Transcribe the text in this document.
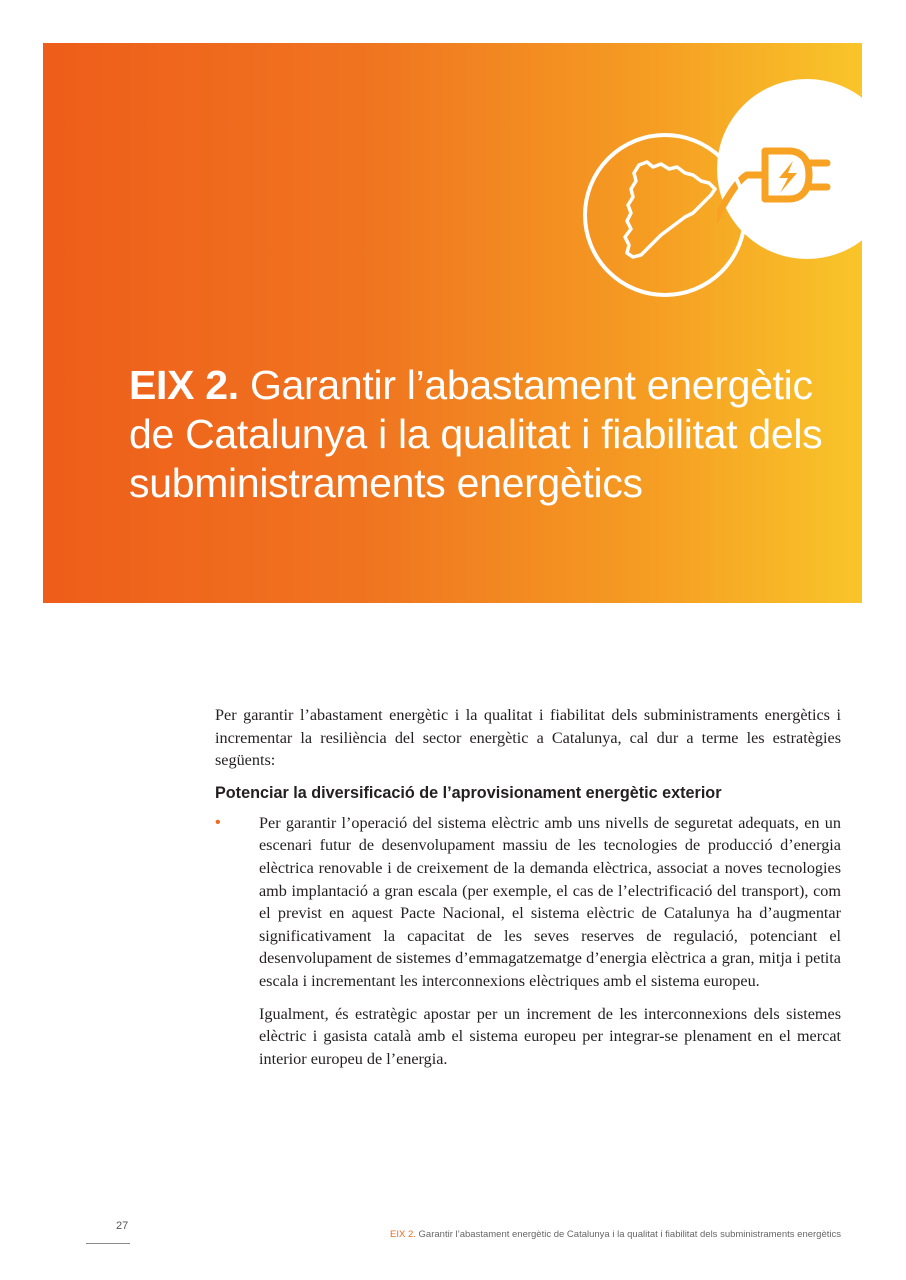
EIX 2. Garantir l’abastament energètic de Catalunya i la qualitat i fiabilitat dels subministraments energètics

Per garantir l’abastament energètic i la qualitat i fiabilitat dels subministraments energètics i incrementar la resiliència del sector energètic a Catalunya, cal dur a terme les estratègies següents:

Potenciar la diversificació de l’aprovisionament energètic exterior
• Per garantir l’operació del sistema elèctric amb uns nivells de seguretat adequats, en un escenari futur de desenvolupament massiu de les tecnologies de producció d’energia elèctrica renovable i de creixement de la demanda elèctrica, associat a noves tecnologies amb implantació a gran escala (per exemple, el cas de l’electrificació del transport), com el previst en aquest Pacte Nacional, el sistema elèctric de Catalunya ha d’augmentar significativament la capacitat de les seves reserves de regulació, potenciant el desenvolupament de sistemes d’emmagatzematge d’energia elèctrica a gran, mitja i petita escala i incrementant les interconnexions elèctriques amb el sistema europeu.

Igualment, és estratègic apostar per un increment de les interconnexions dels sistemes elèctric i gasista català amb el sistema europeu per integrar-se plenament en el mercat interior europeu de l’energia.

27
EIX 2. Garantir l’abastament energètic de Catalunya i la qualitat i fiabilitat dels subministraments energètics
